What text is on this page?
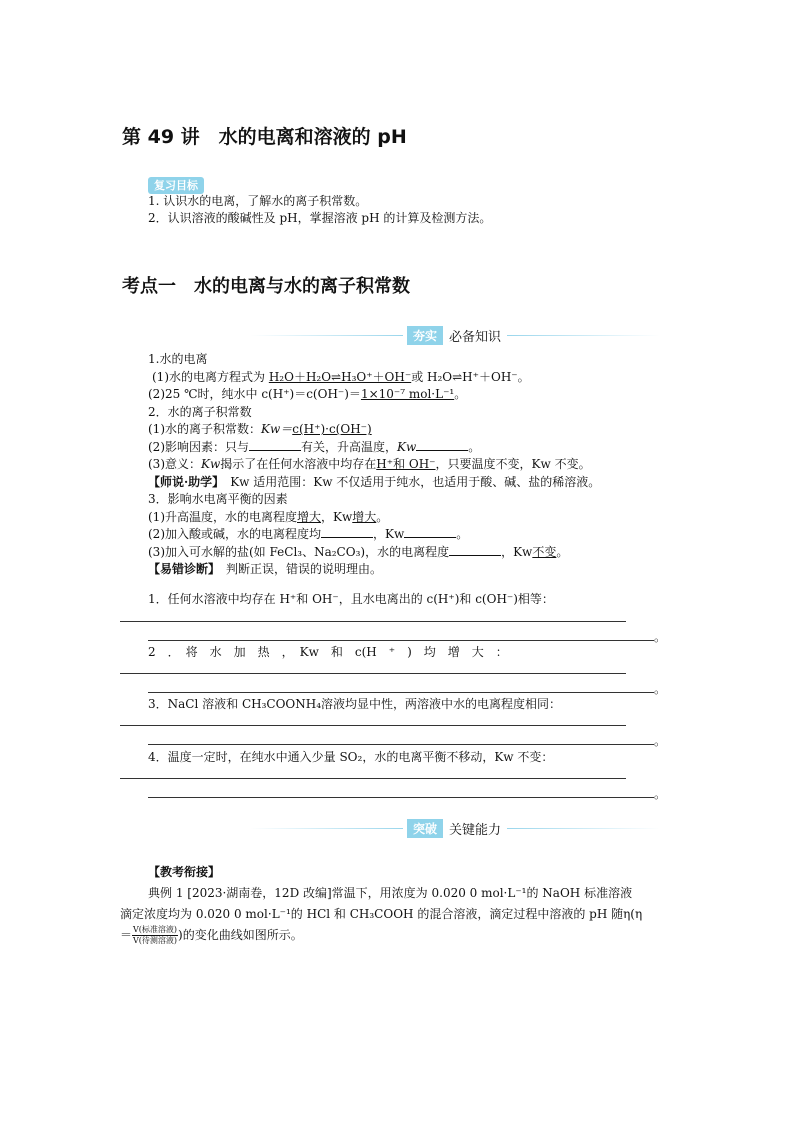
第 49 讲　水的电离和溶液的 pH
复习目标
1. 认识水的电离，了解水的离子积常数。
2．认识溶液的酸碱性及 pH，掌握溶液 pH 的计算及检测方法。
考点一　水的电离与水的离子积常数
夯实 必备知识
1.水的电离
(1)水的电离方程式为 H₂O＋H₂O⇌H₃O⁺＋OH⁻或 H₂O⇌H⁺＋OH⁻。
(2)25 ℃时，纯水中 c(H⁺)＝c(OH⁻)＝1×10⁻⁷ mol·L⁻¹。
2．水的离子积常数
(1)水的离子积常数：Kw＝c(H⁺)·c(OH⁻)
(2)影响因素：只与	有关，升高温度，Kw	。
(3)意义：Kw揭示了在任何水溶液中均存在H⁺和 OH⁻，只要温度不变，Kw 不变。
【师说·助学】　Kw 适用范围：Kw 不仅适用于纯水，也适用于酸、碱、盐的稀溶液。
3．影响水电离平衡的因素
(1)升高温度，水的电离程度增大，Kw增大。
(2)加入酸或碱，水的电离程度均	，Kw	。
(3)加入可水解的盐(如 FeCl₃、Na₂CO₃)，水的电离程度	，Kw不变。
【易错诊断】　判断正误，错误的说明理由。
1．任何水溶液中均存在 H⁺和 OH⁻，且水电离出的 c(H⁺)和 c(OH⁻)相等：
。
2　．　将　水　加　热　，　Kw　和　c(H　⁺　)　均　增　大　：
。
3．NaCl 溶液和 CH₃COONH₄溶液均显中性，两溶液中水的电离程度相同：
。
4．温度一定时，在纯水中通入少量 SO₂，水的电离平衡不移动，Kw 不变：
。
突破 关键能力
【教考衔接】
典例 1 [2023·湖南卷，12D 改编]常温下，用浓度为 0.020 0 mol·L⁻¹的 NaOH 标准溶液
滴定浓度均为 0.020 0 mol·L⁻¹的 HCl 和 CH₃COOH 的混合溶液，滴定过程中溶液的 pH 随η(η
＝ $\frac{\text{V(标准溶液)}}{\text{V(待测溶液)}}$ )的变化曲线如图所示。
